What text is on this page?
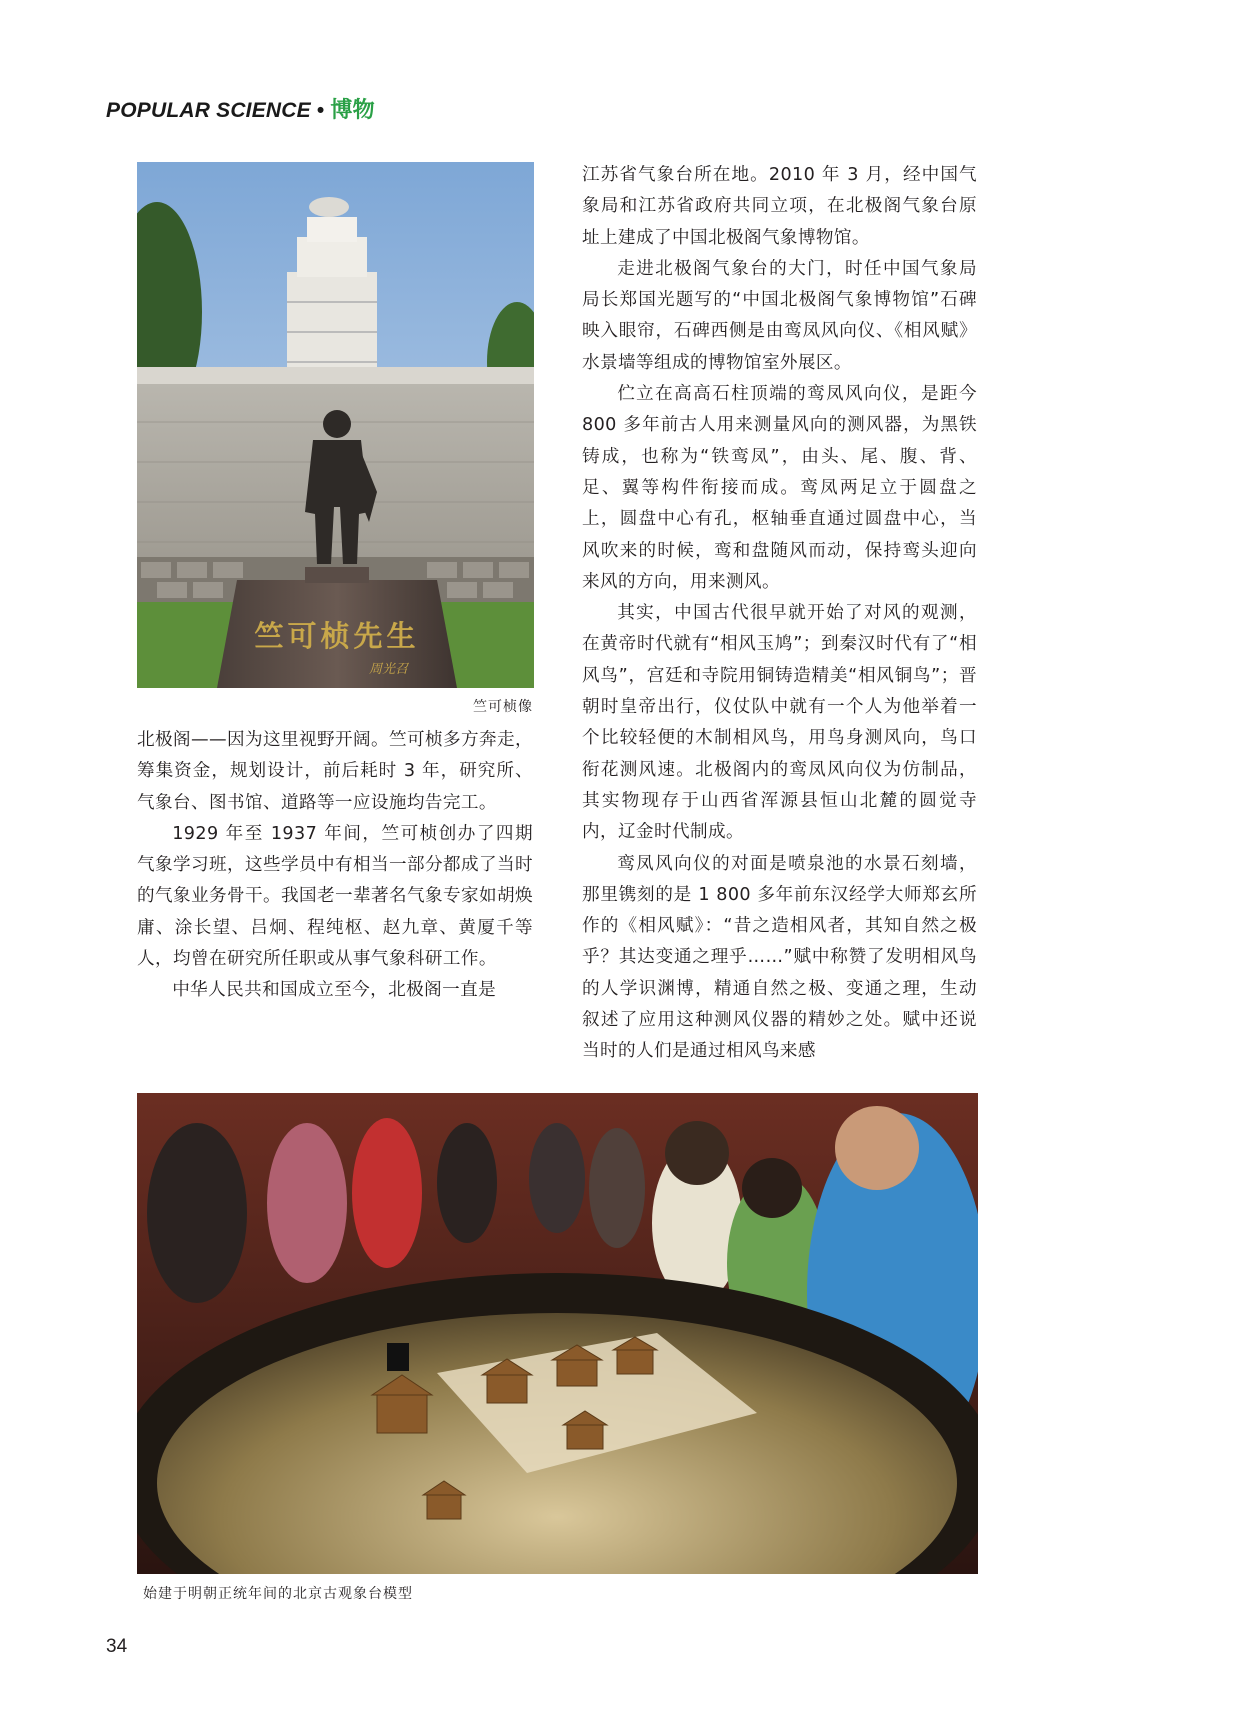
POPULAR SCIENCE • 博物
竺可桢先生
周光召
竺可桢像

北极阁——因为这里视野开阔。竺可桢多方奔走，筹集资金，规划设计，前后耗时 3 年，研究所、气象台、图书馆、道路等一应设施均告完工。

1929 年至 1937 年间，竺可桢创办了四期气象学习班，这些学员中有相当一部分都成了当时的气象业务骨干。我国老一辈著名气象专家如胡焕庸、涂长望、吕炯、程纯枢、赵九章、黄厦千等人，均曾在研究所任职或从事气象科研工作。

中华人民共和国成立至今，北极阁一直是

江苏省气象台所在地。2010 年 3 月，经中国气象局和江苏省政府共同立项，在北极阁气象台原址上建成了中国北极阁气象博物馆。

走进北极阁气象台的大门，时任中国气象局局长郑国光题写的“中国北极阁气象博物馆”石碑映入眼帘，石碑西侧是由鸾凤风向仪、《相风赋》水景墙等组成的博物馆室外展区。

伫立在高高石柱顶端的鸾凤风向仪，是距今 800 多年前古人用来测量风向的测风器，为黑铁铸成，也称为“铁鸾凤”，由头、尾、腹、背、足、翼等构件衔接而成。鸾凤两足立于圆盘之上，圆盘中心有孔，枢轴垂直通过圆盘中心，当风吹来的时候，鸾和盘随风而动，保持鸾头迎向来风的方向，用来测风。

其实，中国古代很早就开始了对风的观测，在黄帝时代就有“相风玉鸠”；到秦汉时代有了“相风鸟”，宫廷和寺院用铜铸造精美“相风铜鸟”；晋朝时皇帝出行，仪仗队中就有一个人为他举着一个比较轻便的木制相风鸟，用鸟身测风向，鸟口衔花测风速。北极阁内的鸾凤风向仪为仿制品，其实物现存于山西省浑源县恒山北麓的圆觉寺内，辽金时代制成。

鸾凤风向仪的对面是喷泉池的水景石刻墙，那里镌刻的是 1 800 多年前东汉经学大师郑玄所作的《相风赋》：“昔之造相风者，其知自然之极乎？其达变通之理乎……”赋中称赞了发明相风鸟的人学识渊博，精通自然之极、变通之理，生动叙述了应用这种测风仪器的精妙之处。赋中还说当时的人们是通过相风鸟来感

始建于明朝正统年间的北京古观象台模型
34
